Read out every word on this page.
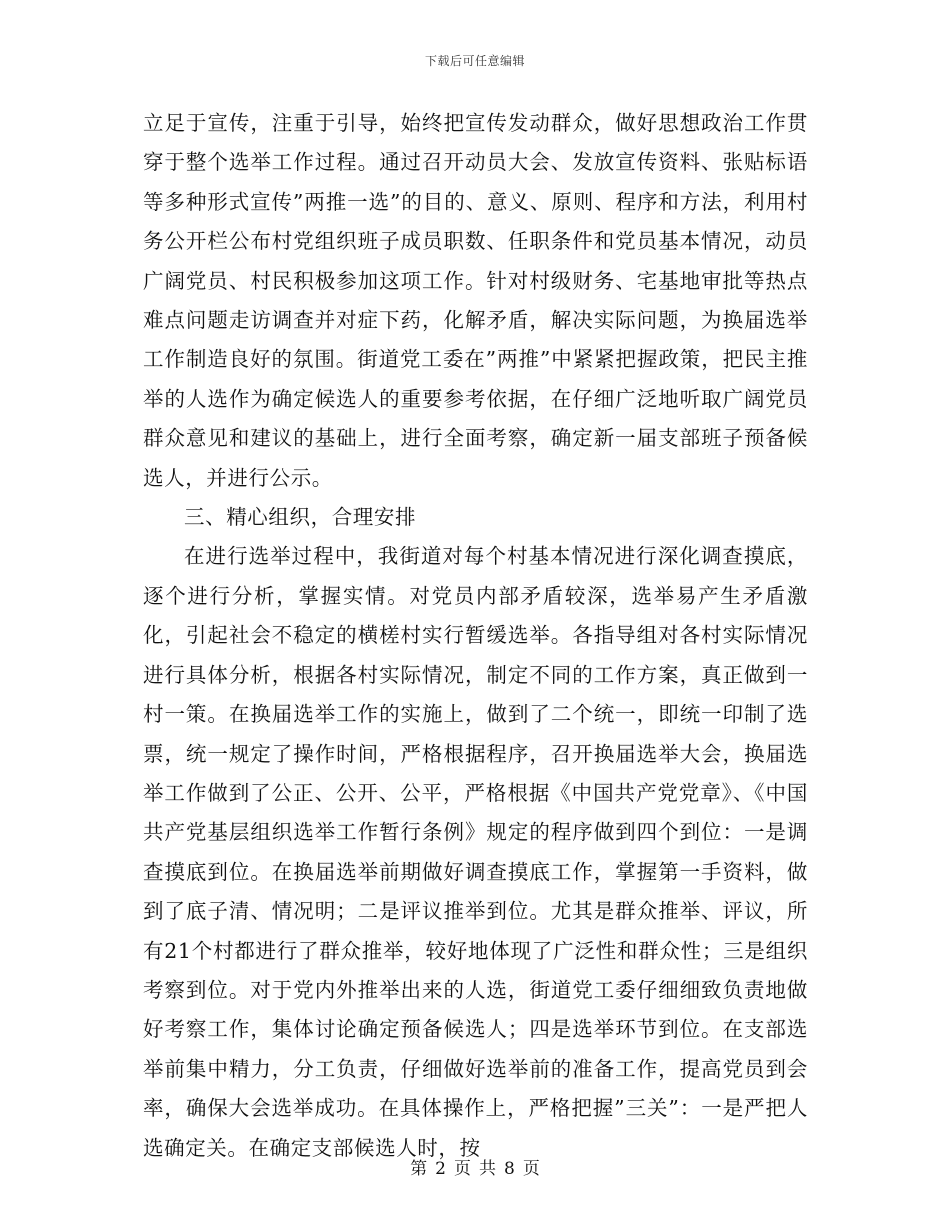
下载后可任意编辑

立足于宣传，注重于引导，始终把宣传发动群众，做好思想政治工作贯穿于整个选举工作过程。通过召开动员大会、发放宣传资料、张贴标语等多种形式宣传”两推一选”的目的、意义、原则、程序和方法，利用村务公开栏公布村党组织班子成员职数、任职条件和党员基本情况，动员广阔党员、村民积极参加这项工作。针对村级财务、宅基地审批等热点难点问题走访调查并对症下药，化解矛盾，解决实际问题，为换届选举工作制造良好的氛围。街道党工委在”两推”中紧紧把握政策，把民主推举的人选作为确定候选人的重要参考依据，在仔细广泛地听取广阔党员群众意见和建议的基础上，进行全面考察，确定新一届支部班子预备候选人，并进行公示。

三、精心组织，合理安排

在进行选举过程中，我街道对每个村基本情况进行深化调查摸底，逐个进行分析，掌握实情。对党员内部矛盾较深，选举易产生矛盾激化，引起社会不稳定的横槎村实行暂缓选举。各指导组对各村实际情况进行具体分析，根据各村实际情况，制定不同的工作方案，真正做到一村一策。在换届选举工作的实施上，做到了二个统一，即统一印制了选票，统一规定了操作时间，严格根据程序，召开换届选举大会，换届选举工作做到了公正、公开、公平，严格根据《中国共产党党章》、《中国共产党基层组织选举工作暂行条例》规定的程序做到四个到位：一是调查摸底到位。在换届选举前期做好调查摸底工作，掌握第一手资料，做到了底子清、情况明；二是评议推举到位。尤其是群众推举、评议，所有21个村都进行了群众推举，较好地体现了广泛性和群众性；三是组织考察到位。对于党内外推举出来的人选，街道党工委仔细细致负责地做好考察工作，集体讨论确定预备候选人；四是选举环节到位。在支部选举前集中精力，分工负责，仔细做好选举前的准备工作，提高党员到会率，确保大会选举成功。在具体操作上，严格把握”三关”：一是严把人选确定关。在确定支部候选人时，按

第 2 页 共 8 页
